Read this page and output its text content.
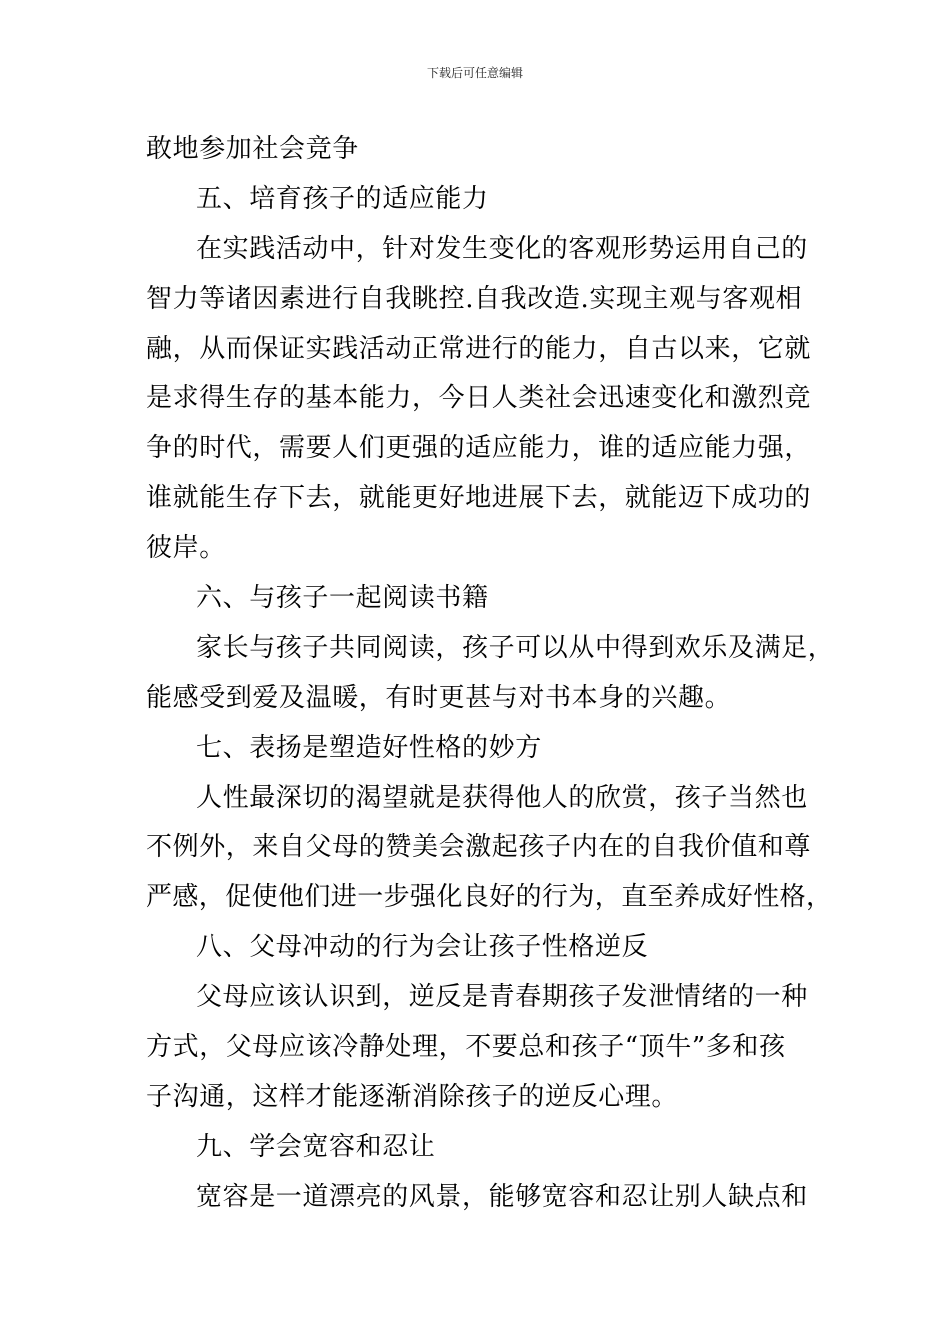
下载后可任意编辑
敢地参加社会竞争
五、培育孩子的适应能力
在实践活动中，针对发生变化的客观形势运用自己的
智力等诸因素进行自我眺控.自我改造.实现主观与客观相
融，从而保证实践活动正常进行的能力，自古以来，它就
是求得生存的基本能力，今日人类社会迅速变化和激烈竞
争的时代，需要人们更强的适应能力，谁的适应能力强，
谁就能生存下去，就能更好地进展下去，就能迈下成功的
彼岸。
六、与孩子一起阅读书籍
家长与孩子共同阅读，孩子可以从中得到欢乐及满足，
能感受到爱及温暖，有时更甚与对书本身的兴趣。
七、表扬是塑造好性格的妙方
人性最深切的渴望就是获得他人的欣赏，孩子当然也
不例外，来自父母的赞美会激起孩子内在的自我价值和尊
严感，促使他们进一步强化良好的行为，直至养成好性格，
八、父母冲动的行为会让孩子性格逆反
父母应该认识到，逆反是青春期孩子发泄情绪的一种
方式，父母应该冷静处理，不要总和孩子“顶牛”多和孩
子沟通，这样才能逐渐消除孩子的逆反心理。
九、学会宽容和忍让
宽容是一道漂亮的风景，能够宽容和忍让别人缺点和
